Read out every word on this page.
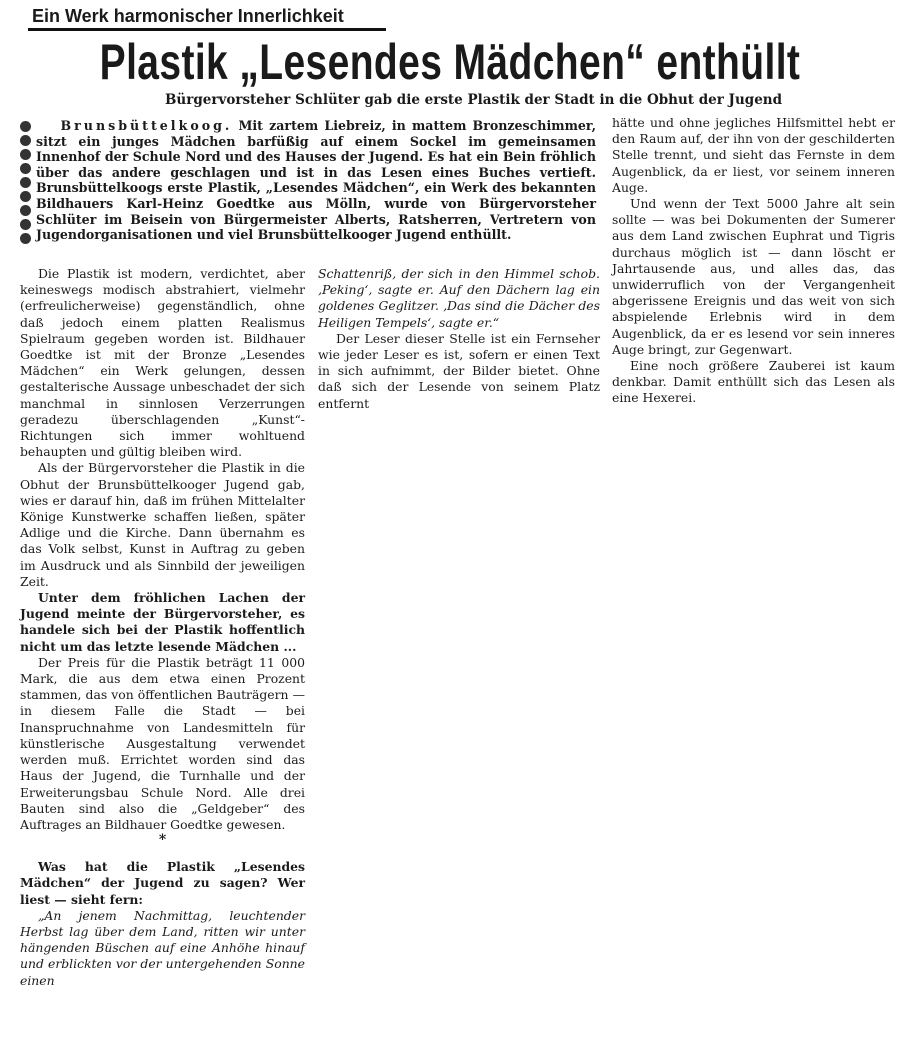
Ein Werk harmonischer Innerlichkeit
Plastik „Lesendes Mädchen“ enthüllt
Bürgervorsteher Schlüter gab die erste Plastik der Stadt in die Obhut der Jugend
Brunsbüttelkoog. Mit zartem Liebreiz, in mattem Bronzeschimmer, sitzt ein junges Mädchen barfüßig auf einem Sockel im gemeinsamen Innenhof der Schule Nord und des Hauses der Jugend. Es hat ein Bein fröhlich über das andere geschlagen und ist in das Lesen eines Buches vertieft. Brunsbüttelkoogs erste Plastik, „Lesendes Mädchen“, ein Werk des bekannten Bildhauers Karl-Heinz Goedtke aus Mölln, wurde von Bürgervorsteher Schlüter im Beisein von Bürgermeister Alberts, Ratsherren, Vertretern von Jugendorganisationen und viel Brunsbüttelkooger Jugend enthüllt.

Die Plastik ist modern, verdichtet, aber keineswegs modisch abstrahiert, vielmehr (erfreulicherweise) gegenständlich, ohne daß jedoch einem platten Realismus Spielraum gegeben worden ist. Bildhauer Goedtke ist mit der Bronze „Lesendes Mädchen“ ein Werk gelungen, dessen gestalterische Aussage unbeschadet der sich manchmal in sinnlosen Verzerrungen geradezu überschlagenden „Kunst“-Richtungen sich immer wohltuend behaupten und gültig bleiben wird.

Als der Bürgervorsteher die Plastik in die Obhut der Brunsbüttelkooger Jugend gab, wies er darauf hin, daß im frühen Mittelalter Könige Kunstwerke schaffen ließen, später Adlige und die Kirche. Dann übernahm es das Volk selbst, Kunst in Auftrag zu geben im Ausdruck und als Sinnbild der jeweiligen Zeit.

Unter dem fröhlichen Lachen der Jugend meinte der Bürgervorsteher, es handele sich bei der Plastik hoffentlich nicht um das letzte lesende Mädchen ...

Der Preis für die Plastik beträgt 11 000 Mark, die aus dem etwa einen Prozent stammen, das von öffentlichen Bauträgern — in diesem Falle die Stadt — bei Inanspruchnahme von Landesmitteln für künstlerische Ausgestaltung verwendet werden muß. Errichtet worden sind das Haus der Jugend, die Turnhalle und der Erweiterungsbau Schule Nord. Alle drei Bauten sind also die „Geldgeber“ des Auftrages an Bildhauer Goedtke gewesen.

*

Was hat die Plastik „Lesendes Mädchen“ der Jugend zu sagen? Wer liest — sieht fern:

„An jenem Nachmittag, leuchtender Herbst lag über dem Land, ritten wir unter hängenden Büschen auf eine Anhöhe hinauf und erblickten vor der untergehenden Sonne einen

Schattenriß, der sich in den Himmel schob. ‚Peking‘, sagte er. Auf den Dächern lag ein goldenes Geglitzer. ‚Das sind die Dächer des Heiligen Tempels‘, sagte er.“

Der Leser dieser Stelle ist ein Fernseher wie jeder Leser es ist, sofern er einen Text in sich aufnimmt, der Bilder bietet. Ohne daß sich der Lesende von seinem Platz entfernt

hätte und ohne jegliches Hilfsmittel hebt er den Raum auf, der ihn von der geschilderten Stelle trennt, und sieht das Fernste in dem Augenblick, da er liest, vor seinem inneren Auge.

Und wenn der Text 5000 Jahre alt sein sollte — was bei Dokumenten der Sumerer aus dem Land zwischen Euphrat und Tigris durchaus möglich ist — dann löscht er Jahrtausende aus, und alles das, das unwiderruflich von der Vergangenheit abgerissene Ereignis und das weit von sich abspielende Erlebnis wird in dem Augenblick, da er es lesend vor sein inneres Auge bringt, zur Gegenwart.

Eine noch größere Zauberei ist kaum denkbar. Damit enthüllt sich das Lesen als eine Hexerei.
